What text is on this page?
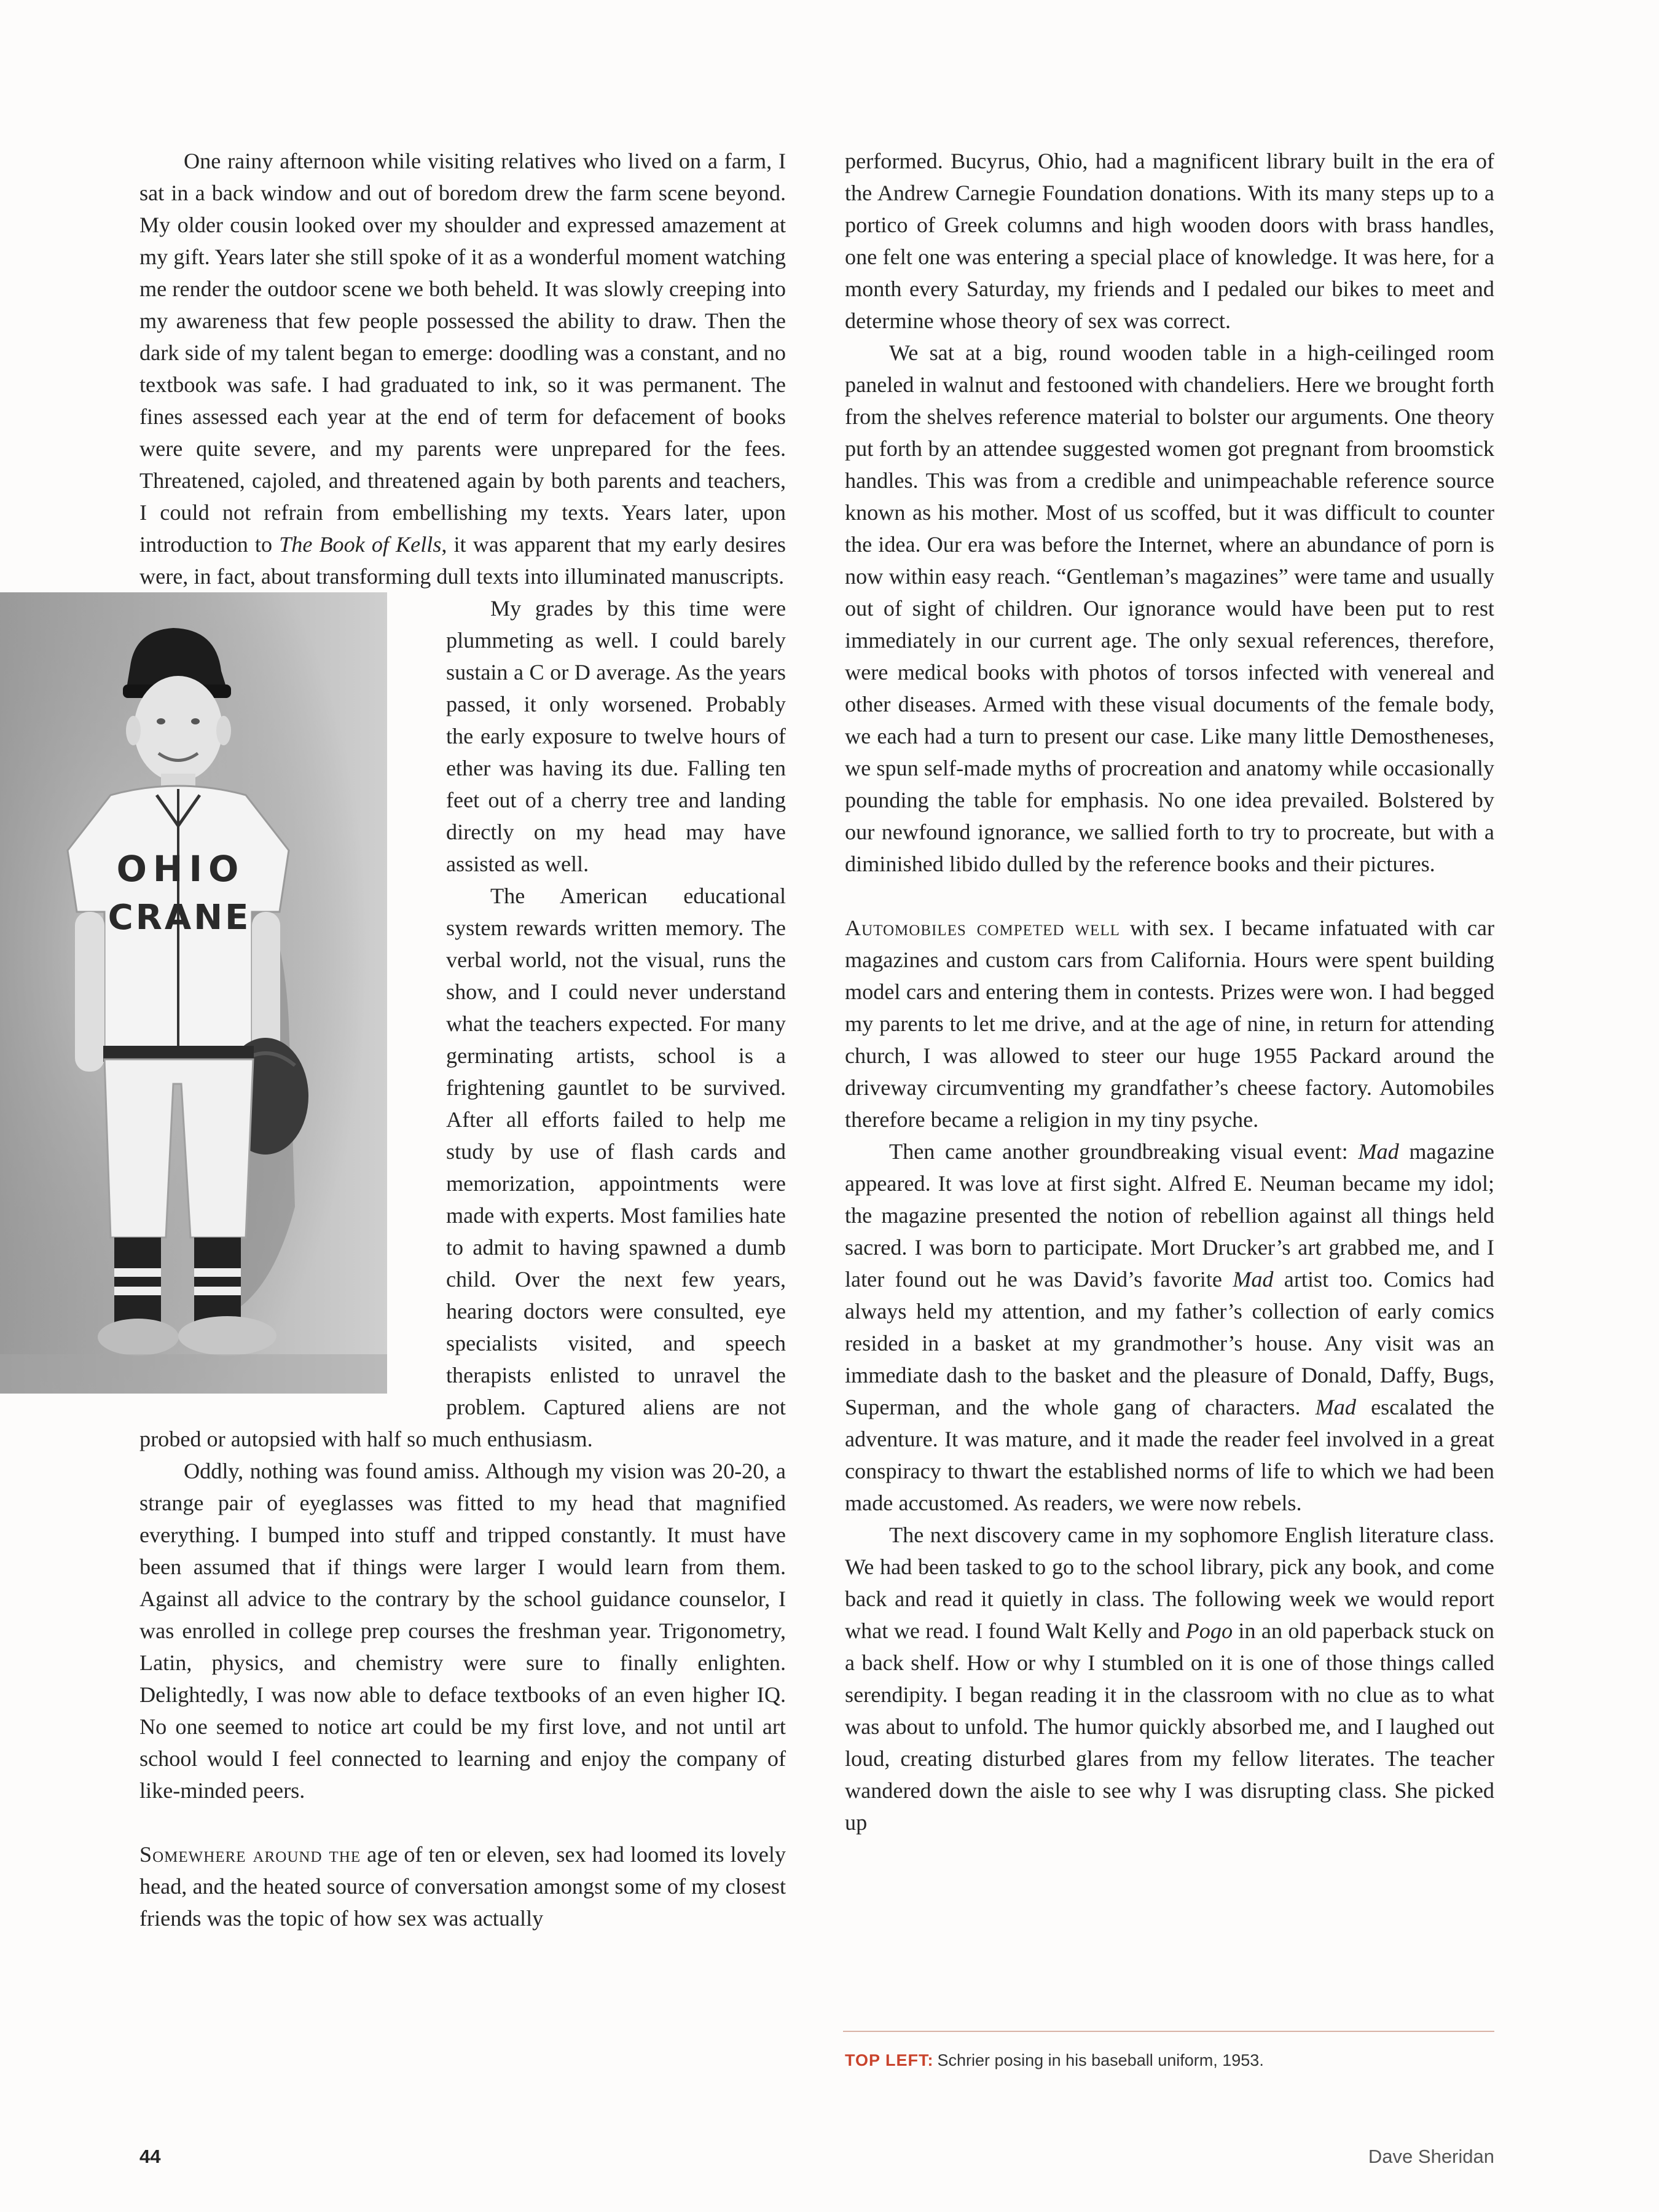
One rainy afternoon while visiting relatives who lived on a farm, I sat in a back window and out of boredom drew the farm scene beyond. My older cousin looked over my shoulder and expressed amazement at my gift. Years later she still spoke of it as a wonderful moment watching me render the outdoor scene we both beheld. It was slowly creeping into my awareness that few people possessed the ability to draw. Then the dark side of my talent began to emerge: doodling was a constant, and no textbook was safe. I had graduated to ink, so it was permanent. The fines assessed each year at the end of term for defacement of books were quite severe, and my parents were unprepared for the fees. Threatened, cajoled, and threatened again by both parents and teachers, I could not refrain from embellishing my texts. Years later, upon introduction to The Book of Kells, it was apparent that my early desires were, in fact, about transforming dull texts into illuminated manuscripts.

OHIO
CRANE

My grades by this time were plummeting as well. I could barely sustain a C or D average. As the years passed, it only worsened. Probably the early exposure to twelve hours of ether was having its due. Falling ten feet out of a cherry tree and landing directly on my head may have assisted as well.

The American educational system rewards written memory. The verbal world, not the visual, runs the show, and I could never understand what the teachers expected. For many germinating artists, school is a frightening gauntlet to be survived. After all efforts failed to help me study by use of flash cards and memorization, appointments were made with experts. Most families hate to admit to having spawned a dumb child. Over the next few years, hearing doctors were consulted, eye specialists visited, and speech therapists enlisted to unravel the problem. Captured aliens are not probed or autopsied with half so much enthusiasm.

Oddly, nothing was found amiss. Although my vision was 20-20, a strange pair of eyeglasses was fitted to my head that magnified everything. I bumped into stuff and tripped constantly. It must have been assumed that if things were larger I would learn from them. Against all advice to the contrary by the school guidance counselor, I was enrolled in college prep courses the freshman year. Trigonometry, Latin, physics, and chemistry were sure to finally enlighten. Delightedly, I was now able to deface textbooks of an even higher IQ. No one seemed to notice art could be my first love, and not until art school would I feel connected to learning and enjoy the company of like-minded peers.

Somewhere around the age of ten or eleven, sex had loomed its lovely head, and the heated source of conversation amongst some of my closest friends was the topic of how sex was actually

performed. Bucyrus, Ohio, had a magnificent library built in the era of the Andrew Carnegie Foundation donations. With its many steps up to a portico of Greek columns and high wooden doors with brass handles, one felt one was entering a special place of knowledge. It was here, for a month every Saturday, my friends and I pedaled our bikes to meet and determine whose theory of sex was correct.

We sat at a big, round wooden table in a high-ceilinged room paneled in walnut and festooned with chandeliers. Here we brought forth from the shelves reference material to bolster our arguments. One theory put forth by an attendee suggested women got pregnant from broomstick handles. This was from a credible and unimpeachable reference source known as his mother. Most of us scoffed, but it was difficult to counter the idea. Our era was before the Internet, where an abundance of porn is now within easy reach. “Gentleman’s magazines” were tame and usually out of sight of children. Our ignorance would have been put to rest immediately in our current age. The only sexual references, therefore, were medical books with photos of torsos infected with venereal and other diseases. Armed with these visual documents of the female body, we each had a turn to present our case. Like many little Demostheneses, we spun self-made myths of procreation and anatomy while occasionally pounding the table for emphasis. No one idea prevailed. Bolstered by our newfound ignorance, we sallied forth to try to procreate, but with a diminished libido dulled by the reference books and their pictures.

Automobiles competed well with sex. I became infatuated with car magazines and custom cars from California. Hours were spent building model cars and entering them in contests. Prizes were won. I had begged my parents to let me drive, and at the age of nine, in return for attending church, I was allowed to steer our huge 1955 Packard around the driveway circumventing my grandfather’s cheese factory. Automobiles therefore became a religion in my tiny psyche.

Then came another groundbreaking visual event: Mad magazine appeared. It was love at first sight. Alfred E. Neuman became my idol; the magazine presented the notion of rebellion against all things held sacred. I was born to participate. Mort Drucker’s art grabbed me, and I later found out he was David’s favorite Mad artist too. Comics had always held my attention, and my father’s collection of early comics resided in a basket at my grandmother’s house. Any visit was an immediate dash to the basket and the pleasure of Donald, Daffy, Bugs, Superman, and the whole gang of characters. Mad escalated the adventure. It was mature, and it made the reader feel involved in a great conspiracy to thwart the established norms of life to which we had been made accustomed. As readers, we were now rebels.

The next discovery came in my sophomore English literature class. We had been tasked to go to the school library, pick any book, and come back and read it quietly in class. The following week we would report what we read. I found Walt Kelly and Pogo in an old paperback stuck on a back shelf. How or why I stumbled on it is one of those things called serendipity. I began reading it in the classroom with no clue as to what was about to unfold. The humor quickly absorbed me, and I laughed out loud, creating disturbed glares from my fellow literates. The teacher wandered down the aisle to see why I was disrupting class. She picked up

TOP LEFT: Schrier posing in his baseball uniform, 1953.
44	Dave Sheridan
